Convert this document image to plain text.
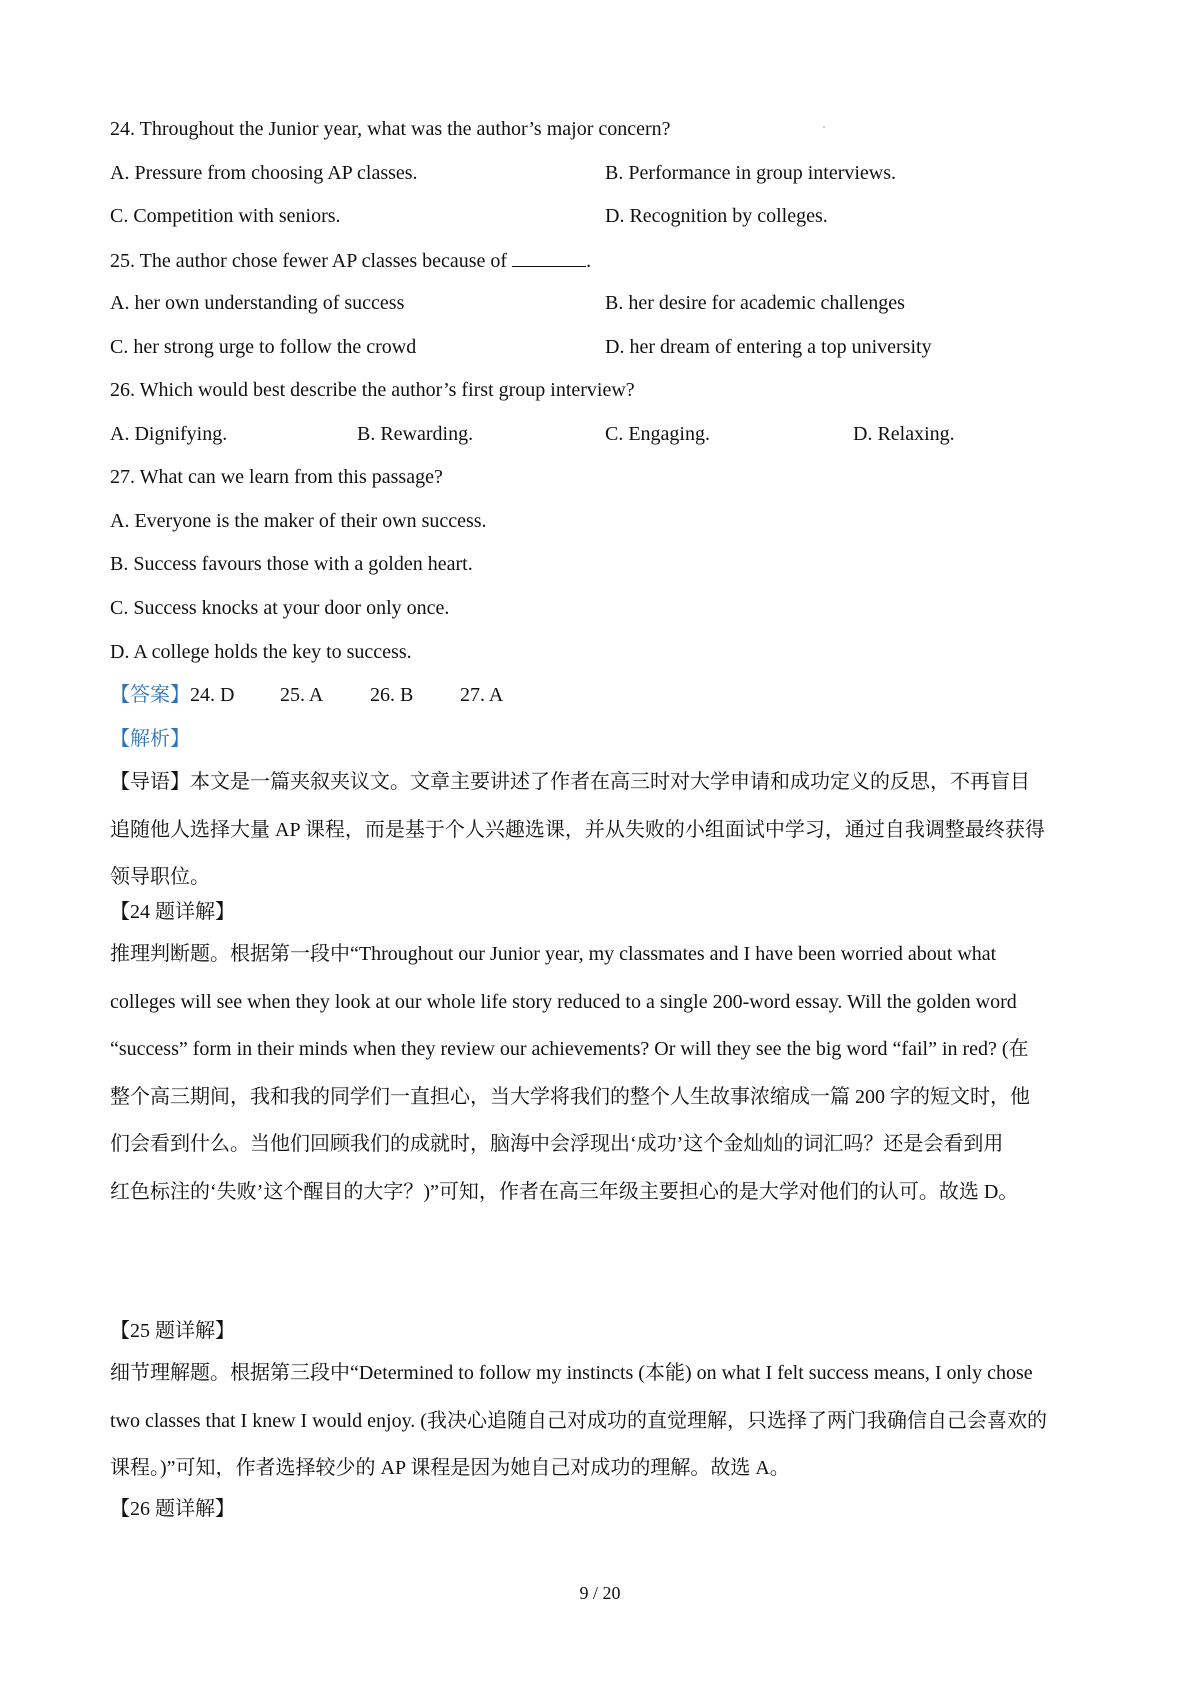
24. Throughout the Junior year, what was the author’s major concern?
A. Pressure from choosing AP classes.	B. Performance in group interviews.
C. Competition with seniors.	D. Recognition by colleges.
25. The author chose fewer AP classes because of	.
A. her own understanding of success	B. her desire for academic challenges
C. her strong urge to follow the crowd	D. her dream of entering a top university
26. Which would best describe the author’s first group interview?
A. Dignifying.	B. Rewarding.	C. Engaging.	D. Relaxing.
27. What can we learn from this passage?
A. Everyone is the maker of their own success.
B. Success favours those with a golden heart.
C. Success knocks at your door only once.
D. A college holds the key to success.
【答案】24. D 25. A 26. B 27. A
【解析】
【导语】本文是一篇夹叙夹议文。文章主要讲述了作者在高三时对大学申请和成功定义的反思，不再盲目
追随他人选择大量 AP 课程，而是基于个人兴趣选课，并从失败的小组面试中学习，通过自我调整最终获得
领导职位。
【24 题详解】
推理判断题。根据第一段中“Throughout our Junior year, my classmates and I have been worried about what
colleges will see when they look at our whole life story reduced to a single 200-word essay. Will the golden word
“success” form in their minds when they review our achievements? Or will they see the big word “fail” in red? (在
整个高三期间，我和我的同学们一直担心，当大学将我们的整个人生故事浓缩成一篇 200 字的短文时，他
们会看到什么。当他们回顾我们的成就时，脑海中会浮现出‘成功’这个金灿灿的词汇吗？还是会看到用
红色标注的‘失败’这个醒目的大字？)”可知，作者在高三年级主要担心的是大学对他们的认可。故选 D。
【25 题详解】
细节理解题。根据第三段中“Determined to follow my instincts (本能) on what I felt success means, I only chose
two classes that I knew I would enjoy. (我决心追随自己对成功的直觉理解，只选择了两门我确信自己会喜欢的
课程。)”可知，作者选择较少的 AP 课程是因为她自己对成功的理解。故选 A。
【26 题详解】
9 / 20
